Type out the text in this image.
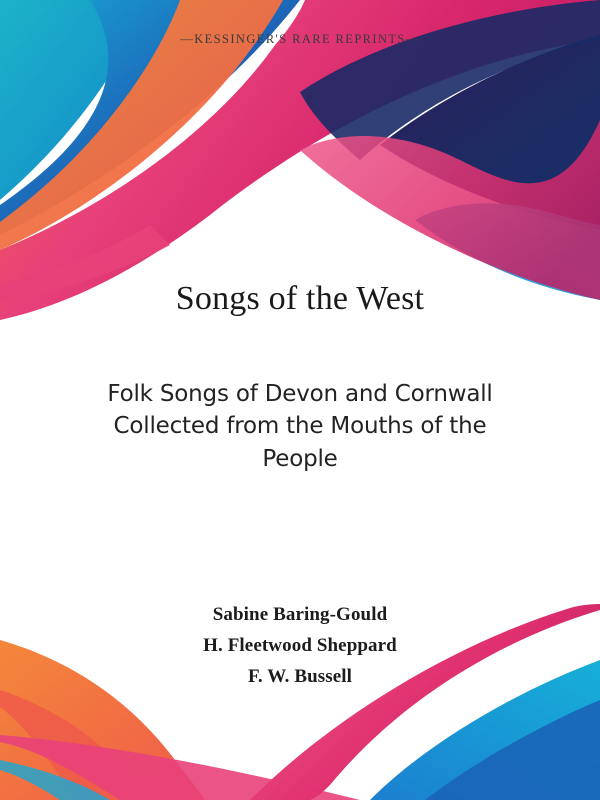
—KESSINGER'S RARE REPRINTS—
Songs of the West
Folk Songs of Devon and Cornwall Collected from the Mouths of the People
Sabine Baring-Gould
H. Fleetwood Sheppard
F. W. Bussell
